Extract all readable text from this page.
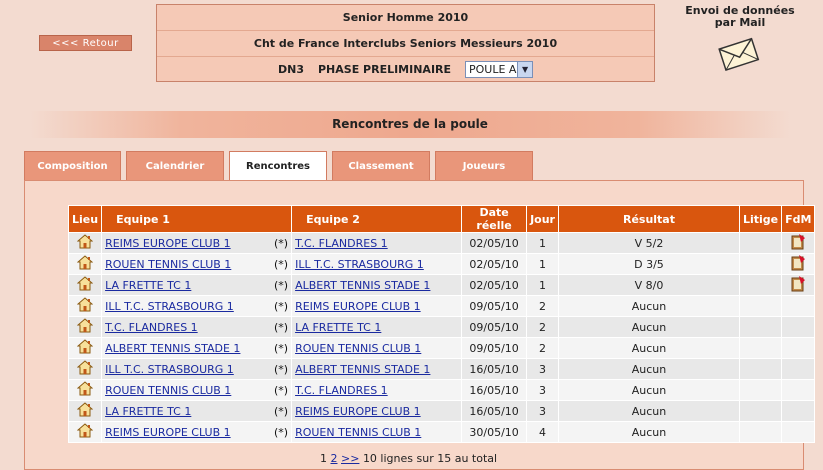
<<< Retour
Senior Homme 2010
Cht de France Interclubs Seniors Messieurs 2010
DN3 PHASE PRELIMINAIRE POULE A ▼
Envoi de données
par Mail
Rencontres de la poule
Composition	Calendrier	Rencontres	Classement	Joueurs
Lieu	Equipe 1	Equipe 2	Date réelle	Jour	Résultat	Litige	FdM

REIMS EUROPE CLUB 1 (*)	T.C. FLANDRES 1	02/05/10	1	V 5/2		

ROUEN TENNIS CLUB 1 (*)	ILL T.C. STRASBOURG 1	02/05/10	1	D 3/5		

LA FRETTE TC 1 (*)	ALBERT TENNIS STADE 1	02/05/10	1	V 8/0		

ILL T.C. STRASBOURG 1 (*)	REIMS EUROPE CLUB 1	09/05/10	2	Aucun		

T.C. FLANDRES 1 (*)	LA FRETTE TC 1	09/05/10	2	Aucun		

ALBERT TENNIS STADE 1 (*)	ROUEN TENNIS CLUB 1	09/05/10	2	Aucun		

ILL T.C. STRASBOURG 1 (*)	ALBERT TENNIS STADE 1	16/05/10	3	Aucun		

ROUEN TENNIS CLUB 1 (*)	T.C. FLANDRES 1	16/05/10	3	Aucun		

LA FRETTE TC 1 (*)	REIMS EUROPE CLUB 1	16/05/10	3	Aucun		

REIMS EUROPE CLUB 1 (*)	ROUEN TENNIS CLUB 1	30/05/10	4	Aucun		
1 2 >> 10 lignes sur 15 au total
